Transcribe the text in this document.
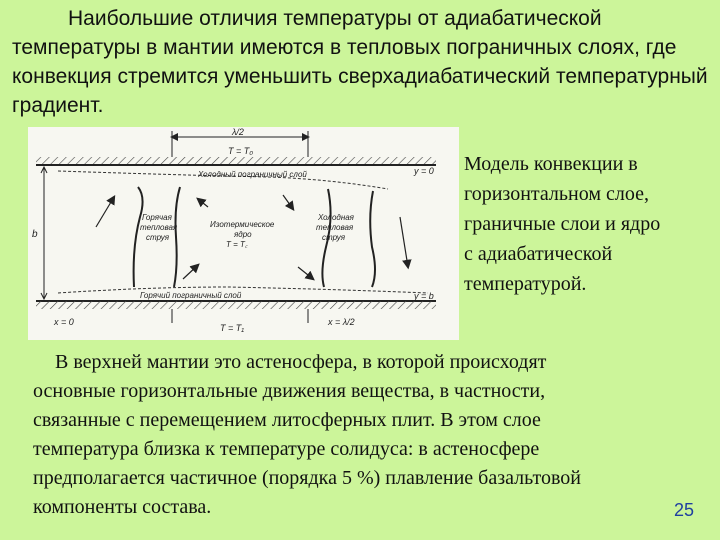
Наибольшие отличия температуры от адиабатической температуры в мантии имеются в тепловых пограничных слоях, где конвекция стремится уменьшить сверхадиабатический температурный градиент.

λ/2
T = T₀
y = 0
b
Холодный пограничный слой
Горячий пограничный слой
Горячая
тепловая
струя
Холодная
тепловая
струя
Изотермическое
ядро
T = T꜀
y = b
x = 0
T = T₁
x = λ/2

Модель конвекции в
горизонтальном слое,
граничные слои и ядро
с адиабатической
температурой.

В верхней мантии это астеносфера, в которой происходят
основные горизонтальные движения вещества, в частности,
связанные с перемещением литосферных плит. В этом слое
температура близка к температуре солидуса: в астеносфере
предполагается частичное (порядка 5 %) плавление базальтовой
компоненты состава.	25
